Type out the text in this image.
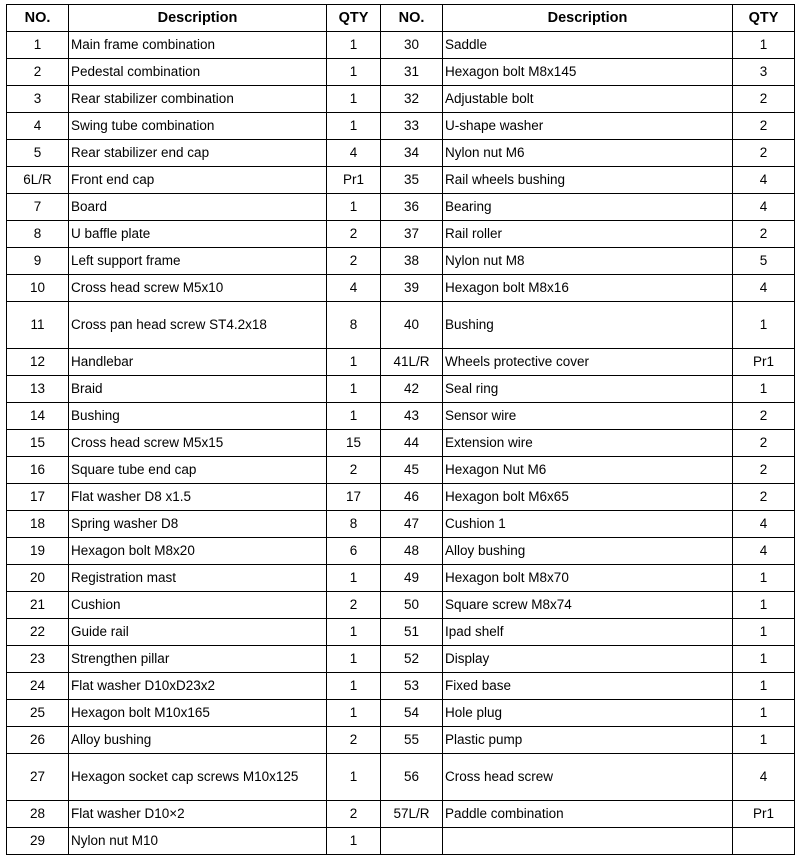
NO.	Description	QTY	NO.	Description	QTY
1	Main frame combination	1	30	Saddle	1
2	Pedestal combination	1	31	Hexagon bolt M8x145	3
3	Rear stabilizer combination	1	32	Adjustable bolt	2
4	Swing tube combination	1	33	U-shape washer	2
5	Rear stabilizer end cap	4	34	Nylon nut M6	2
6L/R	Front end cap	Pr1	35	Rail wheels bushing	4
7	Board	1	36	Bearing	4
8	U baffle plate	2	37	Rail roller	2
9	Left support frame	2	38	Nylon nut M8	5
10	Cross head screw M5x10	4	39	Hexagon bolt M8x16	4
11	Cross pan head screw ST4.2x18	8	40	Bushing	1
12	Handlebar	1	41L/R	Wheels protective cover	Pr1
13	Braid	1	42	Seal ring	1
14	Bushing	1	43	Sensor wire	2
15	Cross head screw M5x15	15	44	Extension wire	2
16	Square tube end cap	2	45	Hexagon Nut M6	2
17	Flat washer D8 x1.5	17	46	Hexagon bolt M6x65	2
18	Spring washer D8	8	47	Cushion 1	4
19	Hexagon bolt M8x20	6	48	Alloy bushing	4
20	Registration mast	1	49	Hexagon bolt M8x70	1
21	Cushion	2	50	Square screw M8x74	1
22	Guide rail	1	51	Ipad shelf	1
23	Strengthen pillar	1	52	Display	1
24	Flat washer D10xD23x2	1	53	Fixed base	1
25	Hexagon bolt M10x165	1	54	Hole plug	1
26	Alloy bushing	2	55	Plastic pump	1
27	Hexagon socket cap screws M10x125	1	56	Cross head screw	4
28	Flat washer D10×2	2	57L/R	Paddle combination	Pr1
29	Nylon nut M10	1			
